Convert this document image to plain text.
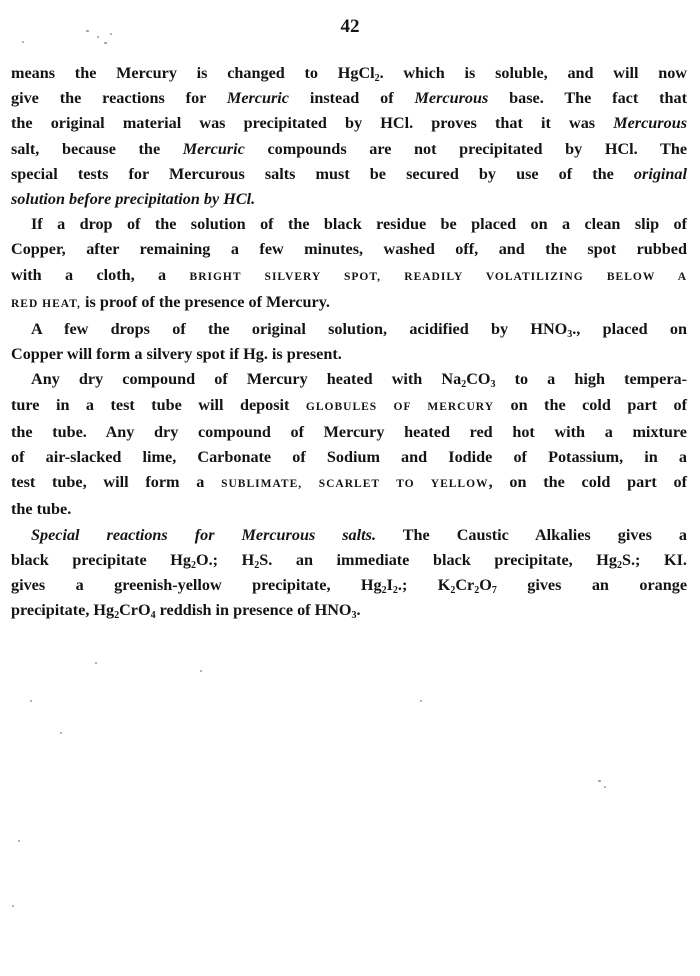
42

means the Mercury is changed to HgCl$_2$. which is soluble, and will now
give the reactions for Mercuric instead of Mercurous base. The fact that
the original material was precipitated by HCl. proves that it was Mercurous
salt, because the Mercuric compounds are not precipitated by HCl. The
special tests for Mercurous salts must be secured by use of the original
solution before precipitation by HCl.

If a drop of the solution of the black residue be placed on a clean slip of
Copper, after remaining a few minutes, washed off, and the spot rubbed
with a cloth, a BRIGHT SILVERY SPOT, READILY VOLATILIZING BELOW A
RED HEAT, is proof of the presence of Mercury.

A few drops of the original solution, acidified by $HNO_3$., placed on
Copper will form a silvery spot if Hg. is present.

Any dry compound of Mercury heated with $Na_2CO_3$ to a high tempera-
ture in a test tube will deposit GLOBULES OF MERCURY on the cold part of
the tube. Any dry compound of Mercury heated red hot with a mixture
of air-slacked lime, Carbonate of Sodium and Iodide of Potassium, in a
test tube, will form a SUBLIMATE, SCARLET TO YELLOW, on the cold part of
the tube.

Special reactions for Mercurous salts. The Caustic Alkalies gives a
black precipitate $Hg_2O$.; $H_2S$. an immediate black precipitate, $Hg_2S$.; KI.
gives a greenish-yellow precipitate, $Hg_2I_2$.; $K_2Cr_2O_7$ gives an orange
precipitate, $Hg_2CrO_4$ reddish in presence of $HNO_3$.
